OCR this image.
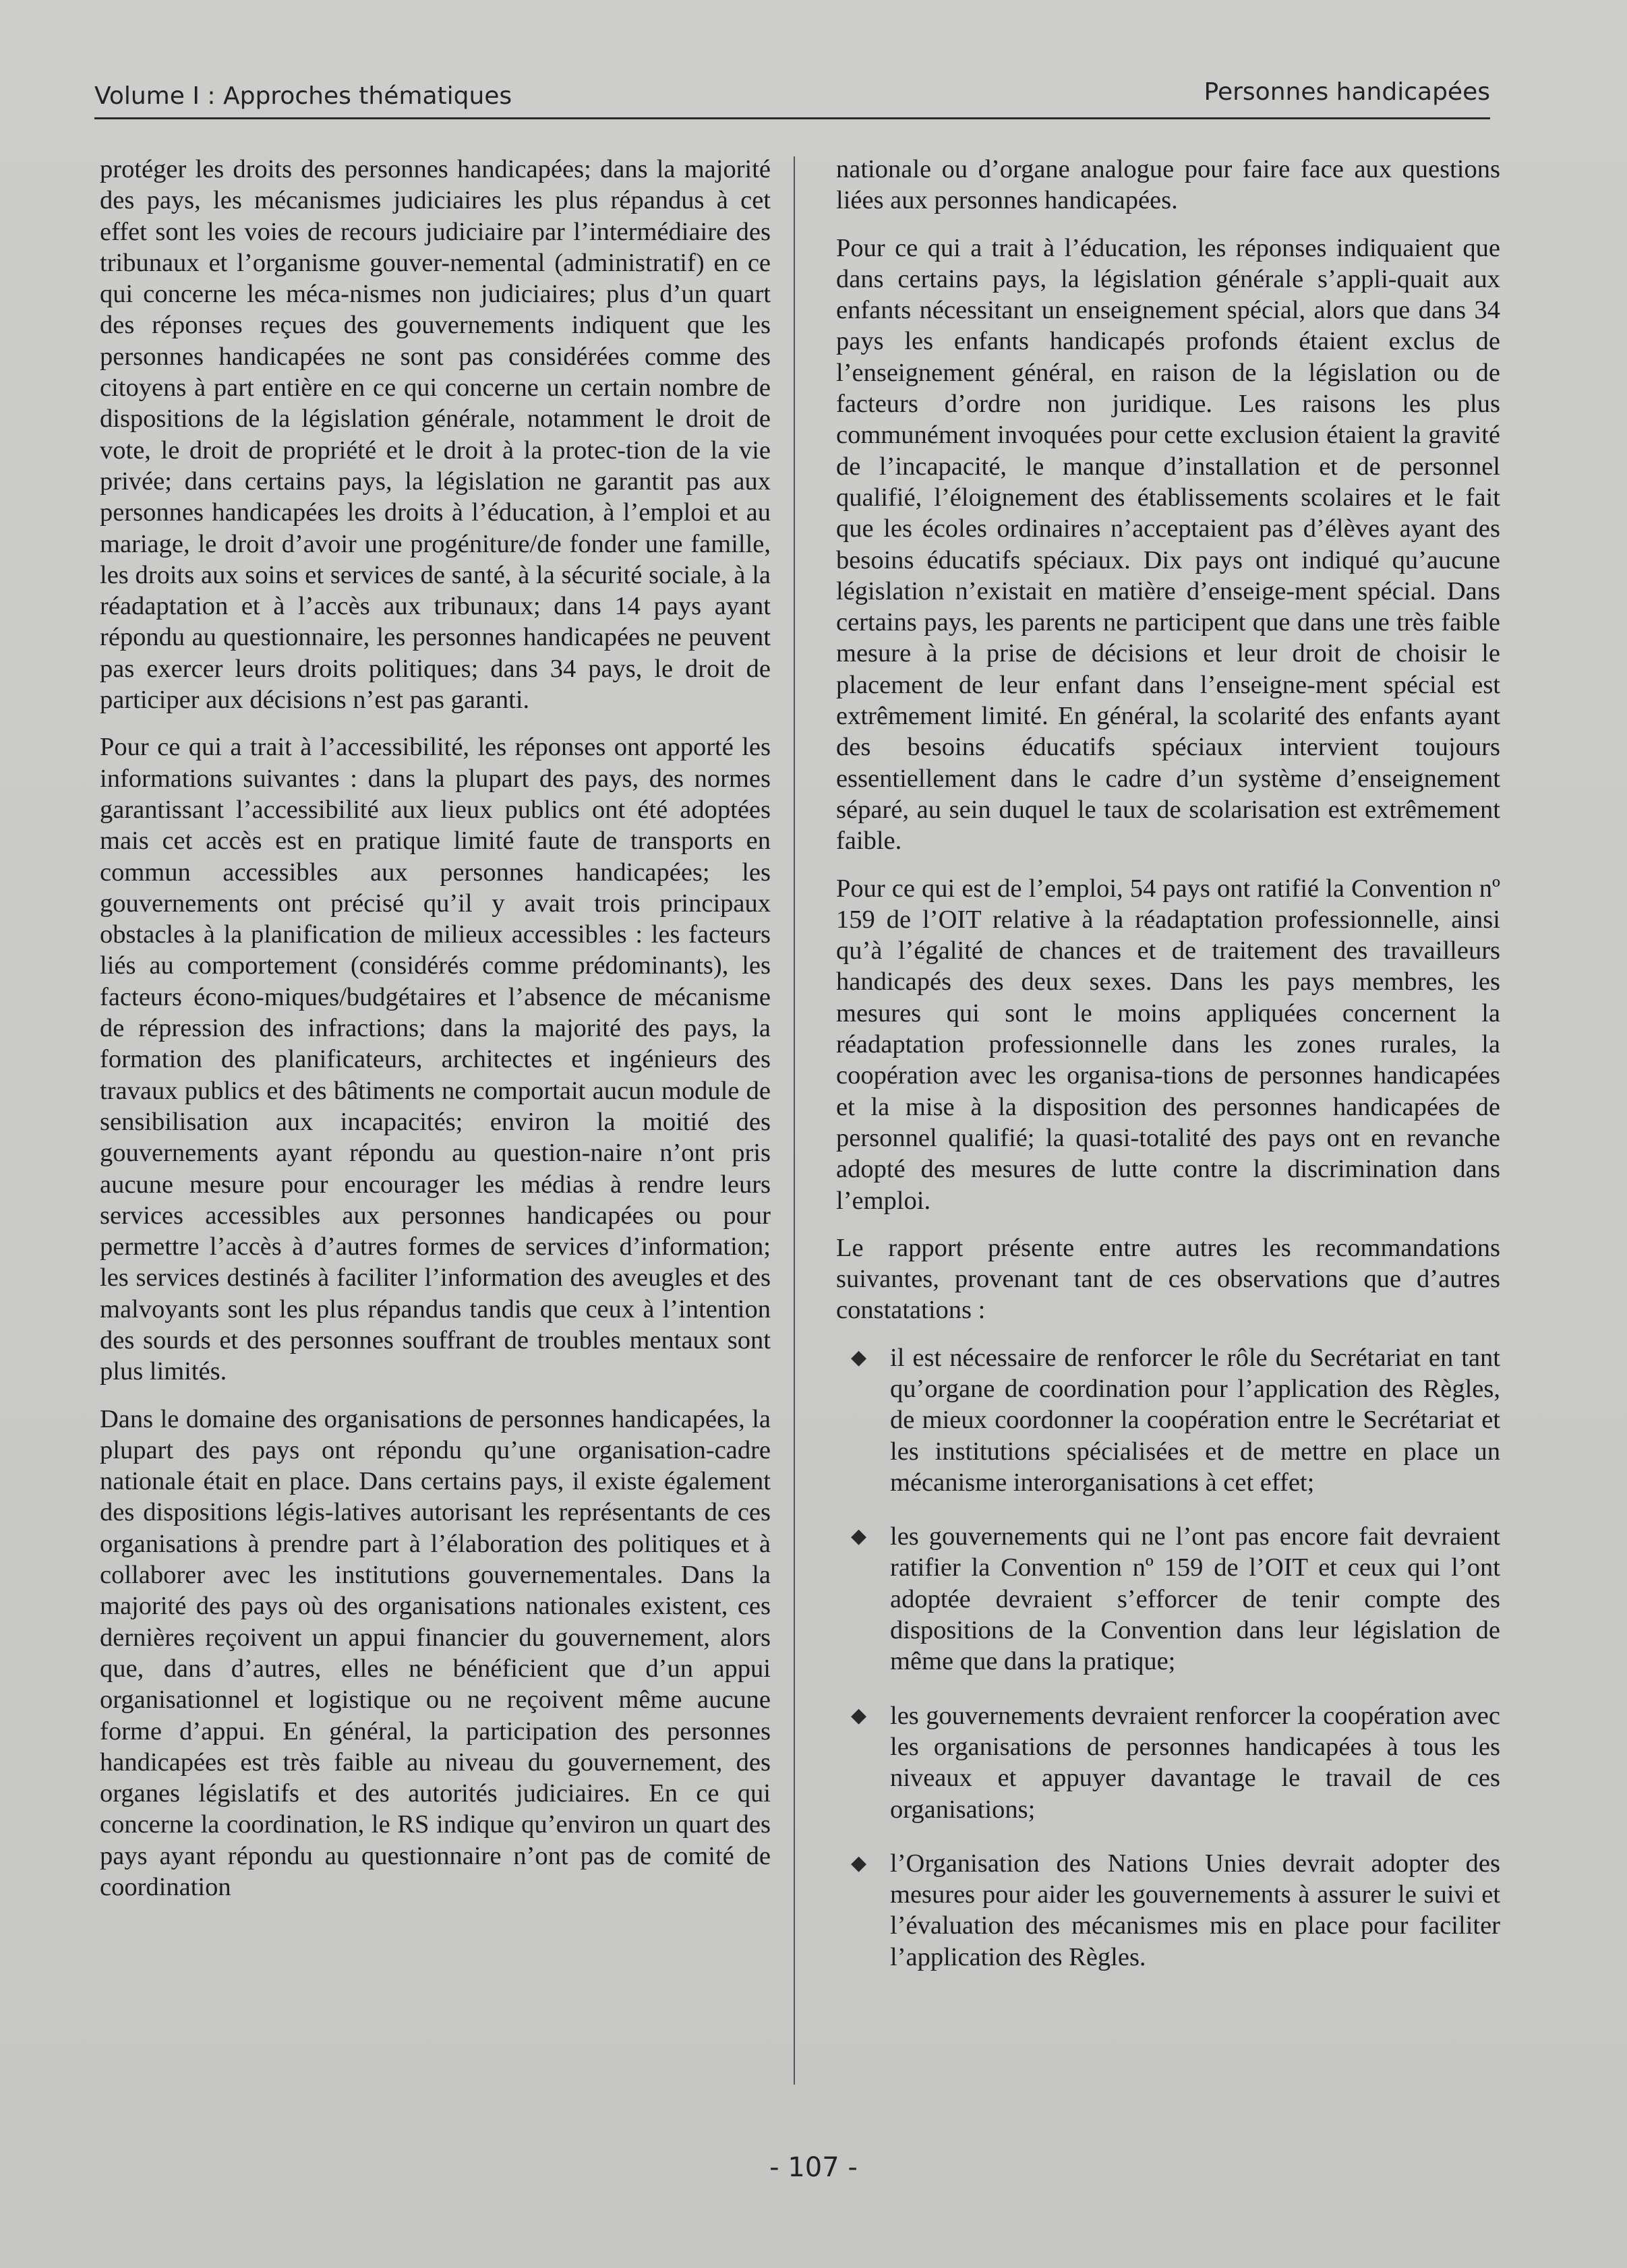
Volume I : Approches thématiques	Personnes handicapées

protéger les droits des personnes handicapées; dans la majorité des pays, les mécanismes judiciaires les plus répandus à cet effet sont les voies de recours judiciaire par l’intermédiaire des tribunaux et l’organisme gouver-nemental (administratif) en ce qui concerne les méca-nismes non judiciaires; plus d’un quart des réponses reçues des gouvernements indiquent que les personnes handicapées ne sont pas considérées comme des citoyens à part entière en ce qui concerne un certain nombre de dispositions de la législation générale, notamment le droit de vote, le droit de propriété et le droit à la protec-tion de la vie privée; dans certains pays, la législation ne garantit pas aux personnes handicapées les droits à l’éducation, à l’emploi et au mariage, le droit d’avoir une progéniture/de fonder une famille, les droits aux soins et services de santé, à la sécurité sociale, à la réadaptation et à l’accès aux tribunaux; dans 14 pays ayant répondu au questionnaire, les personnes handicapées ne peuvent pas exercer leurs droits politiques; dans 34 pays, le droit de participer aux décisions n’est pas garanti.

Pour ce qui a trait à l’accessibilité, les réponses ont apporté les informations suivantes : dans la plupart des pays, des normes garantissant l’accessibilité aux lieux publics ont été adoptées mais cet accès est en pratique limité faute de transports en commun accessibles aux personnes handicapées; les gouvernements ont précisé qu’il y avait trois principaux obstacles à la planification de milieux accessibles : les facteurs liés au comportement (considérés comme prédominants), les facteurs écono-miques/budgétaires et l’absence de mécanisme de répression des infractions; dans la majorité des pays, la formation des planificateurs, architectes et ingénieurs des travaux publics et des bâtiments ne comportait aucun module de sensibilisation aux incapacités; environ la moitié des gouvernements ayant répondu au question-naire n’ont pris aucune mesure pour encourager les médias à rendre leurs services accessibles aux personnes handicapées ou pour permettre l’accès à d’autres formes de services d’information; les services destinés à faciliter l’information des aveugles et des malvoyants sont les plus répandus tandis que ceux à l’intention des sourds et des personnes souffrant de troubles mentaux sont plus limités.

Dans le domaine des organisations de personnes handicapées, la plupart des pays ont répondu qu’une organisation-cadre nationale était en place. Dans certains pays, il existe également des dispositions légis-latives autorisant les représentants de ces organisations à prendre part à l’élaboration des politiques et à collaborer avec les institutions gouvernementales. Dans la majorité des pays où des organisations nationales existent, ces dernières reçoivent un appui financier du gouvernement, alors que, dans d’autres, elles ne bénéficient que d’un appui organisationnel et logistique ou ne reçoivent même aucune forme d’appui. En général, la participation des personnes handicapées est très faible au niveau du gouvernement, des organes législatifs et des autorités judiciaires. En ce qui concerne la coordination, le RS indique qu’environ un quart des pays ayant répondu au questionnaire n’ont pas de comité de coordination

nationale ou d’organe analogue pour faire face aux questions liées aux personnes handicapées.

Pour ce qui a trait à l’éducation, les réponses indiquaient que dans certains pays, la législation générale s’appli-quait aux enfants nécessitant un enseignement spécial, alors que dans 34 pays les enfants handicapés profonds étaient exclus de l’enseignement général, en raison de la législation ou de facteurs d’ordre non juridique. Les raisons les plus communément invoquées pour cette exclusion étaient la gravité de l’incapacité, le manque d’installation et de personnel qualifié, l’éloignement des établissements scolaires et le fait que les écoles ordinaires n’acceptaient pas d’élèves ayant des besoins éducatifs spéciaux. Dix pays ont indiqué qu’aucune législation n’existait en matière d’enseige-ment spécial. Dans certains pays, les parents ne participent que dans une très faible mesure à la prise de décisions et leur droit de choisir le placement de leur enfant dans l’enseigne-ment spécial est extrêmement limité. En général, la scolarité des enfants ayant des besoins éducatifs spéciaux intervient toujours essentiellement dans le cadre d’un système d’enseignement séparé, au sein duquel le taux de scolarisation est extrêmement faible.

Pour ce qui est de l’emploi, 54 pays ont ratifié la Convention nº 159 de l’OIT relative à la réadaptation professionnelle, ainsi qu’à l’égalité de chances et de traitement des travailleurs handicapés des deux sexes. Dans les pays membres, les mesures qui sont le moins appliquées concernent la réadaptation professionnelle dans les zones rurales, la coopération avec les organisa-tions de personnes handicapées et la mise à la disposition des personnes handicapées de personnel qualifié; la quasi-totalité des pays ont en revanche adopté des mesures de lutte contre la discrimination dans l’emploi.

Le rapport présente entre autres les recommandations suivantes, provenant tant de ces observations que d’autres constatations :

◆ il est nécessaire de renforcer le rôle du Secrétariat en tant qu’organe de coordination pour l’application des Règles, de mieux coordonner la coopération entre le Secrétariat et les institutions spécialisées et de mettre en place un mécanisme interorganisations à cet effet;
◆ les gouvernements qui ne l’ont pas encore fait devraient ratifier la Convention nº 159 de l’OIT et ceux qui l’ont adoptée devraient s’efforcer de tenir compte des dispositions de la Convention dans leur législation de même que dans la pratique;
◆ les gouvernements devraient renforcer la coopération avec les organisations de personnes handicapées à tous les niveaux et appuyer davantage le travail de ces organisations;
◆ l’Organisation des Nations Unies devrait adopter des mesures pour aider les gouvernements à assurer le suivi et l’évaluation des mécanismes mis en place pour faciliter l’application des Règles.
- 107 -
